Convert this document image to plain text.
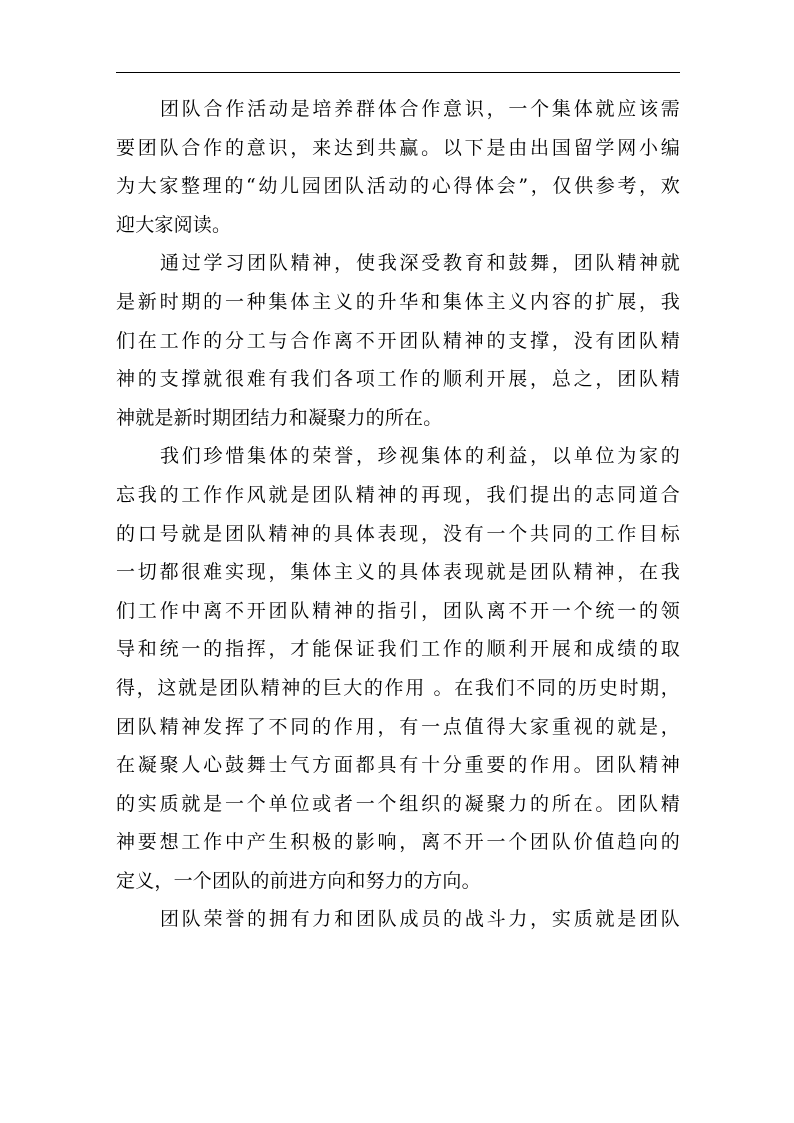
团队合作活动是培养群体合作意识，一个集体就应该需
要团队合作的意识，来达到共赢。以下是由出国留学网小编
为大家整理的“幼儿园团队活动的心得体会”，仅供参考，欢
迎大家阅读。
通过学习团队精神，使我深受教育和鼓舞，团队精神就
是新时期的一种集体主义的升华和集体主义内容的扩展，我
们在工作的分工与合作离不开团队精神的支撑，没有团队精
神的支撑就很难有我们各项工作的顺利开展，总之，团队精
神就是新时期团结力和凝聚力的所在。
我们珍惜集体的荣誉，珍视集体的利益，以单位为家的
忘我的工作作风就是团队精神的再现，我们提出的志同道合
的口号就是团队精神的具体表现，没有一个共同的工作目标
一切都很难实现，集体主义的具体表现就是团队精神，在我
们工作中离不开团队精神的指引，团队离不开一个统一的领
导和统一的指挥，才能保证我们工作的顺利开展和成绩的取
得，这就是团队精神的巨大的作用 。在我们不同的历史时期，
团队精神发挥了不同的作用，有一点值得大家重视的就是，
在凝聚人心鼓舞士气方面都具有十分重要的作用。团队精神
的实质就是一个单位或者一个组织的凝聚力的所在。团队精
神要想工作中产生积极的影响，离不开一个团队价值趋向的
定义，一个团队的前进方向和努力的方向。
团队荣誉的拥有力和团队成员的战斗力，实质就是团队
